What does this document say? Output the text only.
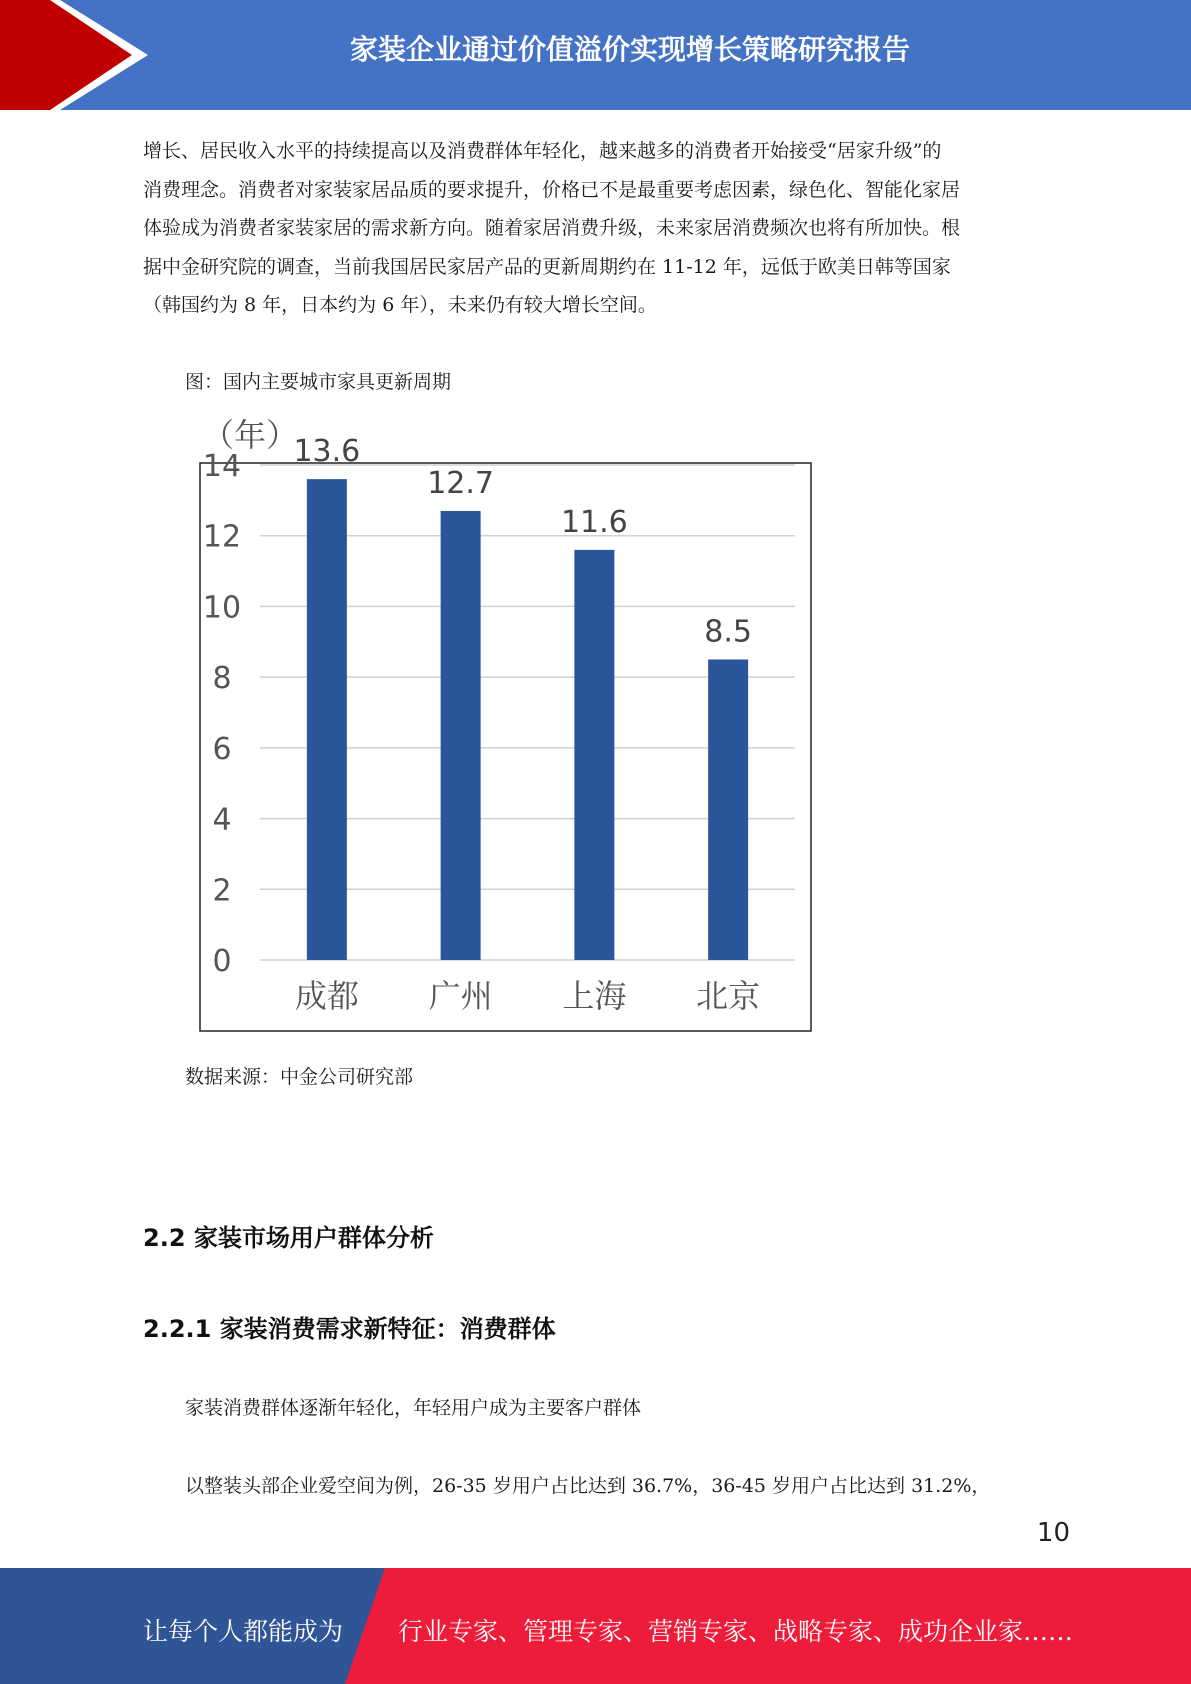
家装企业通过价值溢价实现增长策略研究报告
增长、居民收入水平的持续提高以及消费群体年轻化，越来越多的消费者开始接受“居家升级”的
消费理念。消费者对家装家居品质的要求提升，价格已不是最重要考虑因素，绿色化、智能化家居
体验成为消费者家装家居的需求新方向。随着家居消费升级，未来家居消费频次也将有所加快。根
据中金研究院的调查，当前我国居民家居产品的更新周期约在 11-12 年，远低于欧美日韩等国家
（韩国约为 8 年，日本约为 6 年），未来仍有较大增长空间。
图：国内主要城市家具更新周期
（年）
0
2
4
6
8
10
12
14 13.6
12.7
11.6
8.5
成都 广州 上海 北京
数据来源：中金公司研究部
2.2 家装市场用户群体分析
2.2.1 家装消费需求新特征：消费群体
家装消费群体逐渐年轻化，年轻用户成为主要客户群体
以整装头部企业爱空间为例，26-35 岁用户占比达到 36.7%，36-45 岁用户占比达到 31.2%，
10
让每个人都能成为 行业专家、管理专家、营销专家、战略专家、成功企业家……
